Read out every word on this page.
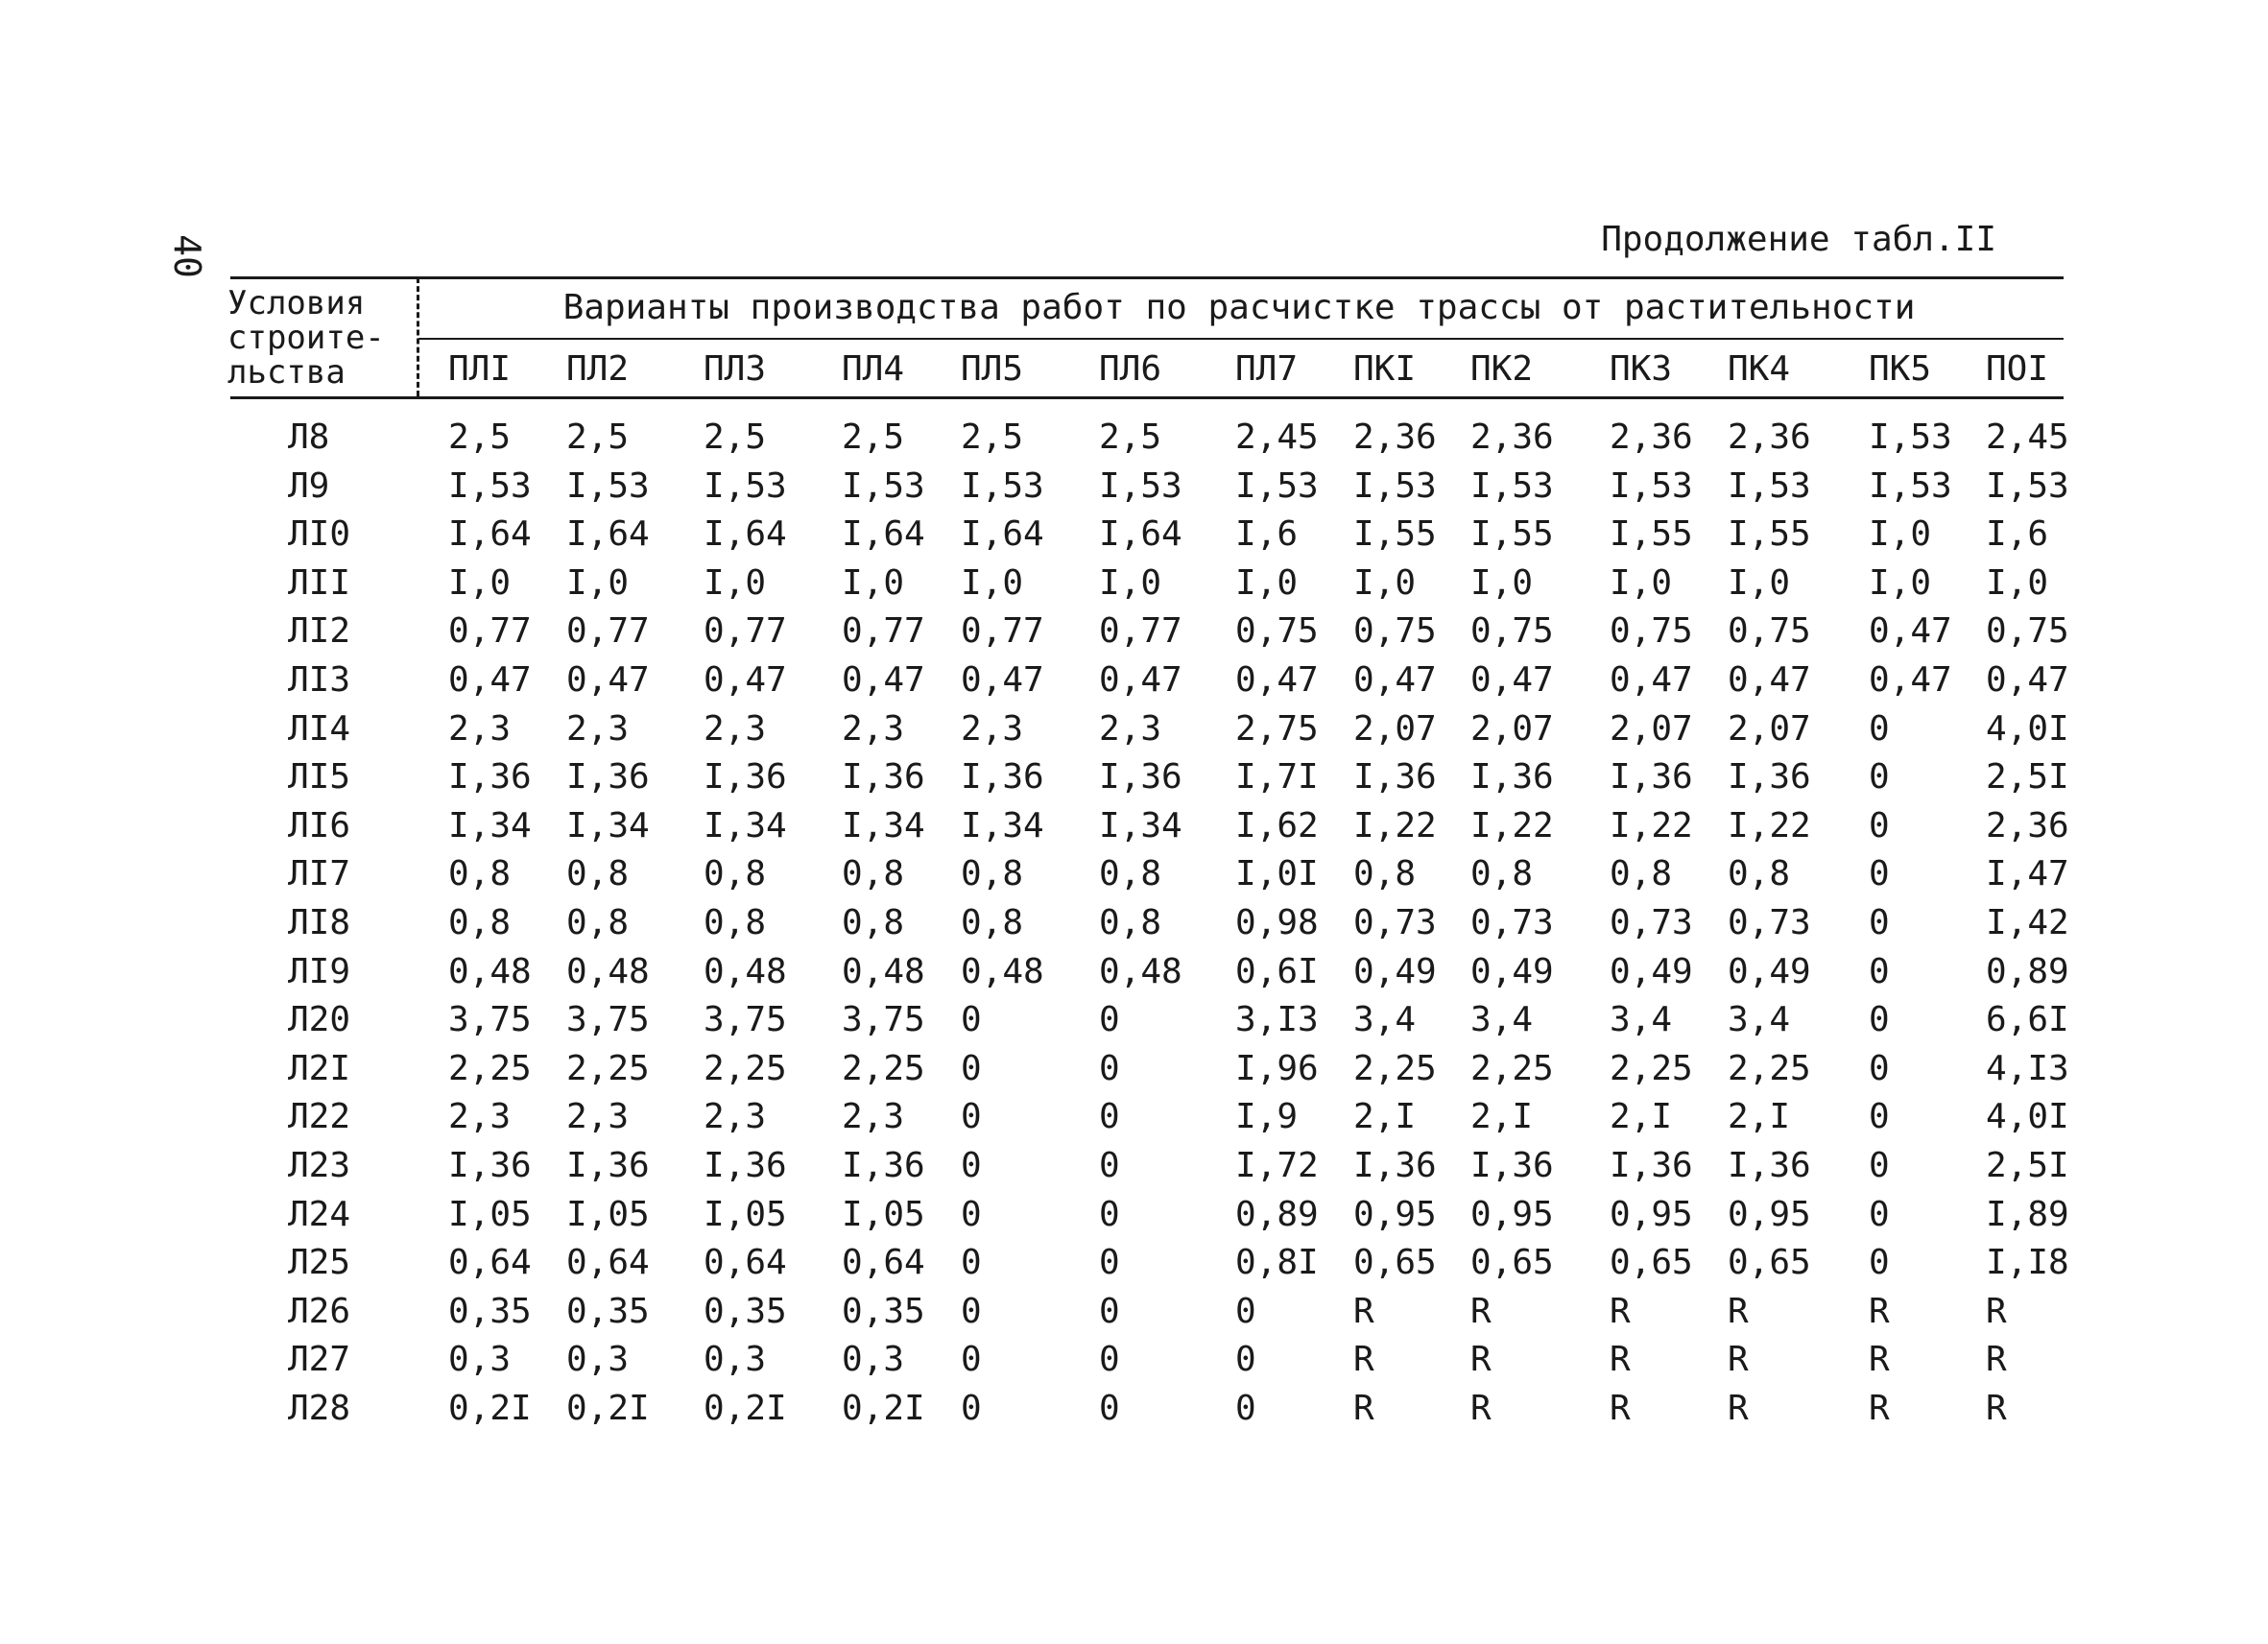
40	Продолжение табл.II
Условия
строите-
льства
Варианты производства работ по расчистке трассы от растительности
ПЛI ПЛ2 ПЛ3 ПЛ4 ПЛ5 ПЛ6 ПЛ7 ПКI ПК2 ПК3 ПК4 ПК5 ПОI
Л8	2,5 2,5 2,5 2,5 2,5 2,5 2,45 2,36 2,36 2,36 2,36 I,53 2,45
Л9	I,53 I,53 I,53 I,53 I,53 I,53 I,53 I,53 I,53 I,53 I,53 I,53 I,53
ЛI0	I,64 I,64 I,64 I,64 I,64 I,64 I,6 I,55 I,55 I,55 I,55 I,0 I,6
ЛII	I,0 I,0 I,0 I,0 I,0 I,0 I,0 I,0 I,0 I,0 I,0 I,0 I,0
ЛI2	0,77 0,77 0,77 0,77 0,77 0,77 0,75 0,75 0,75 0,75 0,75 0,47 0,75
ЛI3	0,47 0,47 0,47 0,47 0,47 0,47 0,47 0,47 0,47 0,47 0,47 0,47 0,47
ЛI4	2,3 2,3 2,3 2,3 2,3 2,3 2,75 2,07 2,07 2,07 2,07 0	4,0I
ЛI5	I,36 I,36 I,36 I,36 I,36 I,36 I,7I I,36 I,36 I,36 I,36 0	2,5I
ЛI6	I,34 I,34 I,34 I,34 I,34 I,34 I,62 I,22 I,22 I,22 I,22 0	2,36
ЛI7	0,8 0,8 0,8 0,8 0,8 0,8 I,0I 0,8 0,8 0,8 0,8 0	I,47
ЛI8	0,8 0,8 0,8 0,8 0,8 0,8 0,98 0,73 0,73 0,73 0,73 0	I,42
ЛI9	0,48 0,48 0,48 0,48 0,48 0,48 0,6I 0,49 0,49 0,49 0,49 0	0,89
Л20	3,75 3,75 3,75 3,75 0	0	3,I3 3,4 3,4 3,4 3,4 0	6,6I
Л2I	2,25 2,25 2,25 2,25 0	0	I,96 2,25 2,25 2,25 2,25 0	4,I3
Л22	2,3 2,3 2,3 2,3 0	0	I,9 2,I 2,I 2,I 2,I 0	4,0I
Л23	I,36 I,36 I,36 I,36 0	0	I,72 I,36 I,36 I,36 I,36 0	2,5I
Л24	I,05 I,05 I,05 I,05 0	0	0,89 0,95 0,95 0,95 0,95 0	I,89
Л25	0,64 0,64 0,64 0,64 0	0	0,8I 0,65 0,65 0,65 0,65 0	I,I8
Л26	0,35 0,35 0,35 0,35 0	0	0	R	R	R	R	R	R
Л27	0,3 0,3 0,3 0,3 0	0	0	R	R	R	R	R	R
Л28	0,2I 0,2I 0,2I 0,2I 0	0	0	R	R	R	R	R	R
